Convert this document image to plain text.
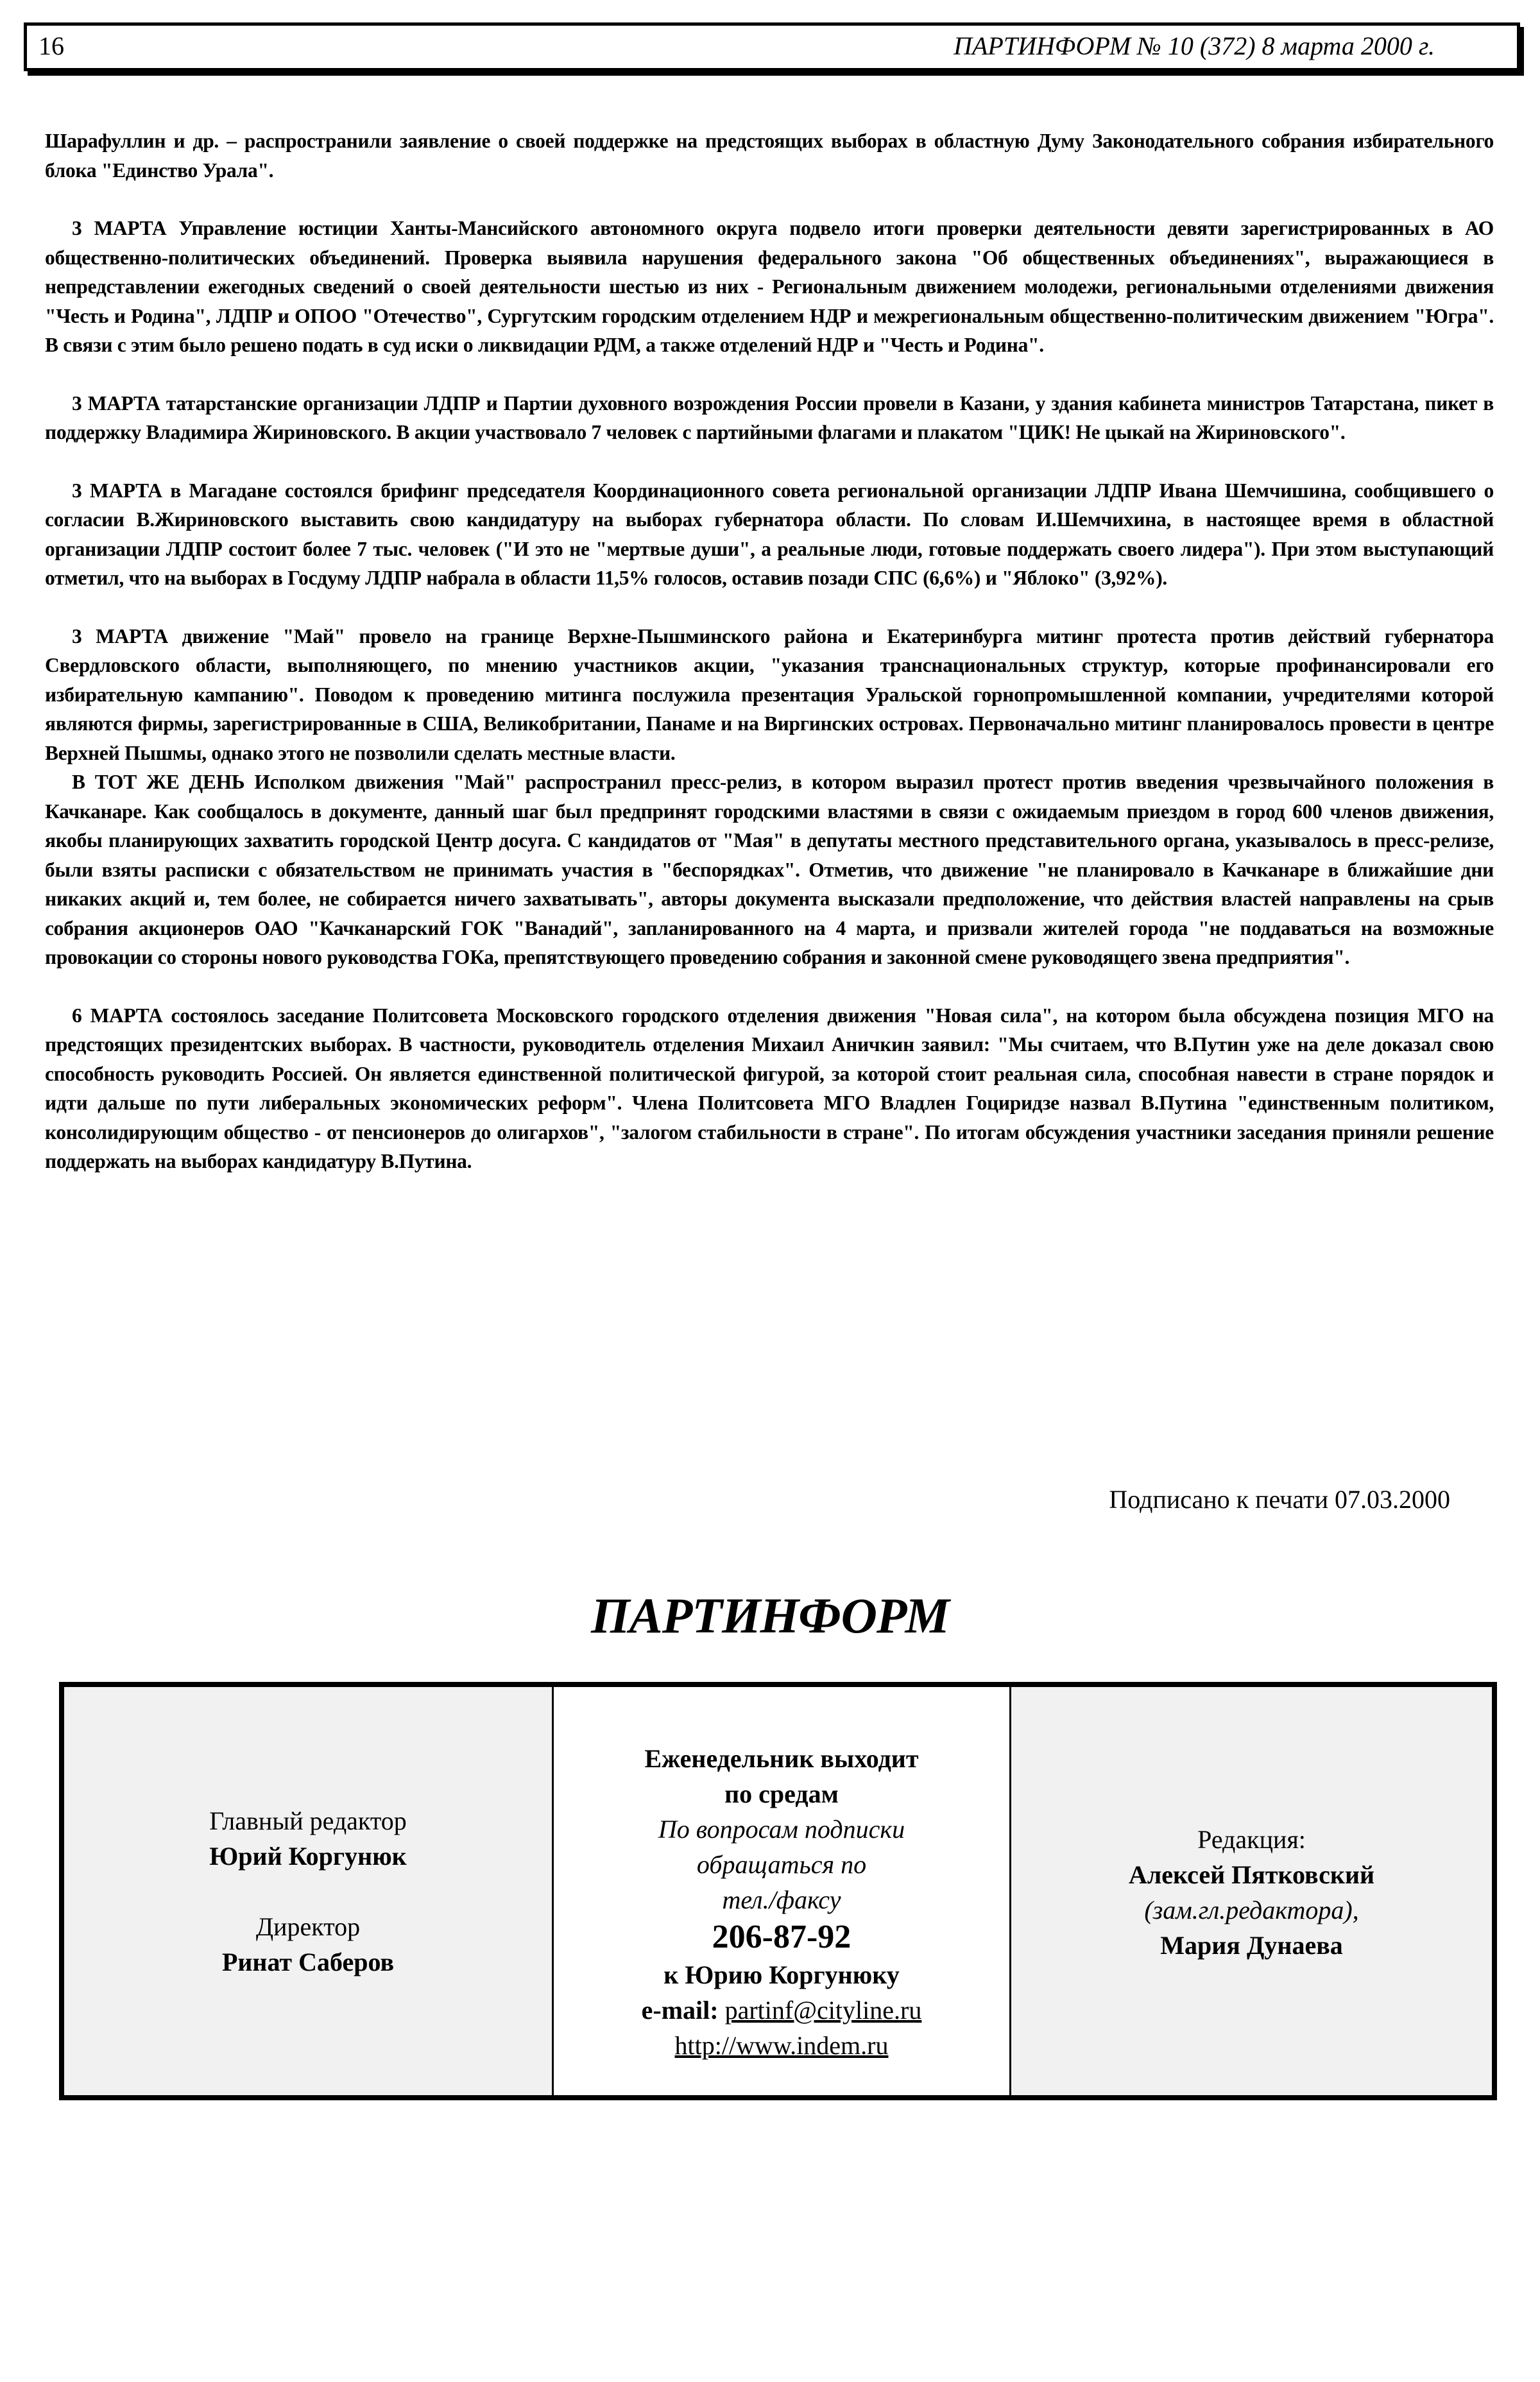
16	ПАРТИНФОРМ № 10 (372) 8 марта 2000 г.

Шарафуллин и др. – распространили заявление о своей поддержке на предстоящих выборах в областную Думу Законодательного собрания избирательного блока "Единство Урала".

3 МАРТА Управление юстиции Ханты-Мансийского автономного округа подвело итоги проверки деятельности девяти зарегистрированных в АО общественно-политических объединений. Проверка выявила нарушения федерального закона "Об общественных объединениях", выражающиеся в непредставлении ежегодных сведений о своей деятельности шестью из них - Региональным движением молодежи, региональными отделениями движения "Честь и Родина", ЛДПР и ОПОО "Отечество", Сургутским городским отделением НДР и межрегиональным общественно-политическим движением "Югра". В связи с этим было решено подать в суд иски о ликвидации РДМ, а также отделений НДР и "Честь и Родина".

3 МАРТА татарстанские организации ЛДПР и Партии духовного возрождения России провели в Казани, у здания кабинета министров Татарстана, пикет в поддержку Владимира Жириновского. В акции участвовало 7 человек с партийными флагами и плакатом "ЦИК! Не цыкай на Жириновского".

3 МАРТА в Магадане состоялся брифинг председателя Координационного совета региональной организации ЛДПР Ивана Шемчишина, сообщившего о согласии В.Жириновского выставить свою кандидатуру на выборах губернатора области. По словам И.Шемчихина, в настоящее время в областной организации ЛДПР состоит более 7 тыс. человек ("И это не "мертвые души", а реальные люди, готовые поддержать своего лидера"). При этом выступающий отметил, что на выборах в Госдуму ЛДПР набрала в области 11,5% голосов, оставив позади СПС (6,6%) и "Яблоко" (3,92%).

3 МАРТА движение "Май" провело на границе Верхне-Пышминского района и Екатеринбурга митинг протеста против действий губернатора Свердловского области, выполняющего, по мнению участников акции, "указания транснациональных структур, которые профинансировали его избирательную кампанию". Поводом к проведению митинга послужила презентация Уральской горнопромышленной компании, учредителями которой являются фирмы, зарегистрированные в США, Великобритании, Панаме и на Виргинских островах. Первоначально митинг планировалось провести в центре Верхней Пышмы, однако этого не позволили сделать местные власти.

В ТОТ ЖЕ ДЕНЬ Исполком движения "Май" распространил пресс-релиз, в котором выразил протест против введения чрезвычайного положения в Качканаре. Как сообщалось в документе, данный шаг был предпринят городскими властями в связи с ожидаемым приездом в город 600 членов движения, якобы планирующих захватить городской Центр досуга. С кандидатов от "Мая" в депутаты местного представительного органа, указывалось в пресс-релизе, были взяты расписки с обязательством не принимать участия в "беспорядках". Отметив, что движение "не планировало в Качканаре в ближайшие дни никаких акций и, тем более, не собирается ничего захватывать", авторы документа высказали предположение, что действия властей направлены на срыв собрания акционеров ОАО "Качканарский ГОК "Ванадий", запланированного на 4 марта, и призвали жителей города "не поддаваться на возможные провокации со стороны нового руководства ГОКа, препятствующего проведению собрания и законной смене руководящего звена предприятия".

6 МАРТА состоялось заседание Политсовета Московского городского отделения движения "Новая сила", на котором была обсуждена позиция МГО на предстоящих президентских выборах. В частности, руководитель отделения Михаил Аничкин заявил: "Мы считаем, что В.Путин уже на деле доказал свою способность руководить Россией. Он является единственной политической фигурой, за которой стоит реальная сила, способная навести в стране порядок и идти дальше по пути либеральных экономических реформ". Члена Политсовета МГО Владлен Гоциридзе назвал В.Путина "единственным политиком, консолидирующим общество - от пенсионеров до олигархов", "залогом стабильности в стране". По итогам обсуждения участники заседания приняли решение поддержать на выборах кандидатуру В.Путина.

Подписано к печати 07.03.2000
ПАРТИНФОРМ
Главный редактор
Юрий Коргунюк
Директор
Ринат Саберов
Еженедельник выходит
по средам
По вопросам подписки
обращаться по
тел./факсу
206-87-92
к Юрию Коргунюку
e-mail: partinf@cityline.ru
http://www.indem.ru
Редакция:
Алексей Пятковский
(зам.гл.редактора),
Мария Дунаева
